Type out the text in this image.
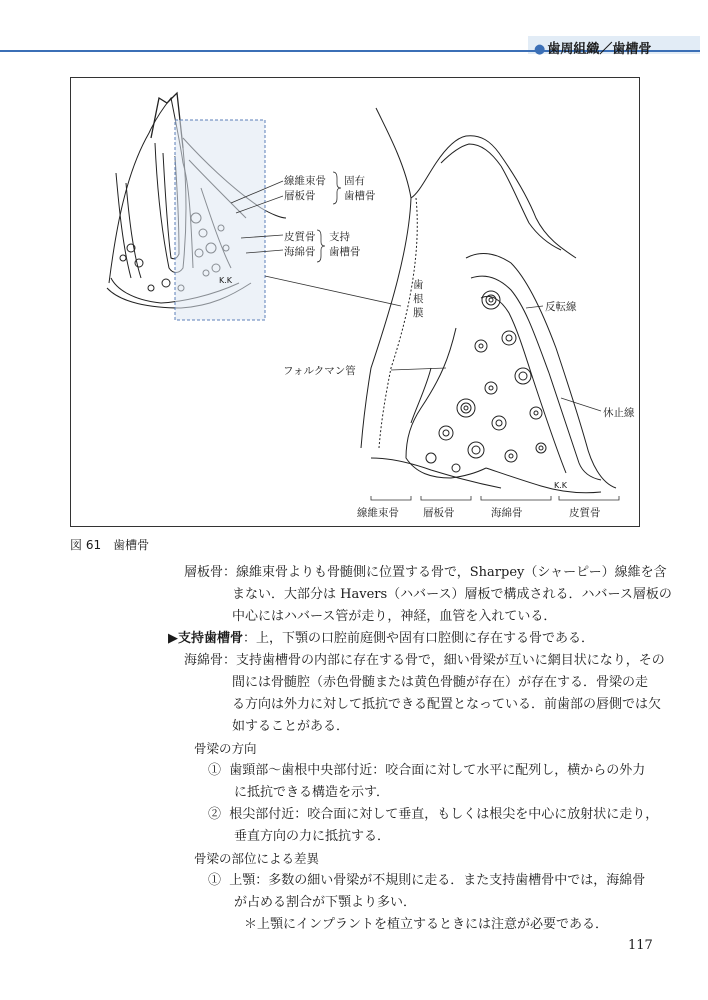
● 歯周組織／歯槽骨
線維束骨
層板骨
固有
歯槽骨
皮質骨
海綿骨
支持
歯槽骨
歯
根
膜	反転線
フォルクマン管
休止線
K.K
K.K
線維束骨 層板骨	海綿骨	皮質骨
図 61 歯槽骨
層板骨：線維束骨よりも骨髄側に位置する骨で，Sharpey（シャーピー）線維を含
まない．大部分は Havers（ハバース）層板で構成される．ハバース層板の
中心にはハバース管が走り，神経，血管を入れている．
▶支持歯槽骨：上，下顎の口腔前庭側や固有口腔側に存在する骨である．
海綿骨：支持歯槽骨の内部に存在する骨で，細い骨梁が互いに網目状になり，その
間には骨髄腔（赤色骨髄または黄色骨髄が存在）が存在する．骨梁の走
る方向は外力に対して抵抗できる配置となっている．前歯部の唇側では欠
如することがある．
骨梁の方向
① 歯頸部～歯根中央部付近：咬合面に対して水平に配列し，横からの外力
に抵抗できる構造を示す．
② 根尖部付近：咬合面に対して垂直，もしくは根尖を中心に放射状に走り，
垂直方向の力に抵抗する．
骨梁の部位による差異
① 上顎：多数の細い骨梁が不規則に走る．また支持歯槽骨中では，海綿骨
が占める割合が下顎より多い．
＊上顎にインプラントを植立するときには注意が必要である．
117
